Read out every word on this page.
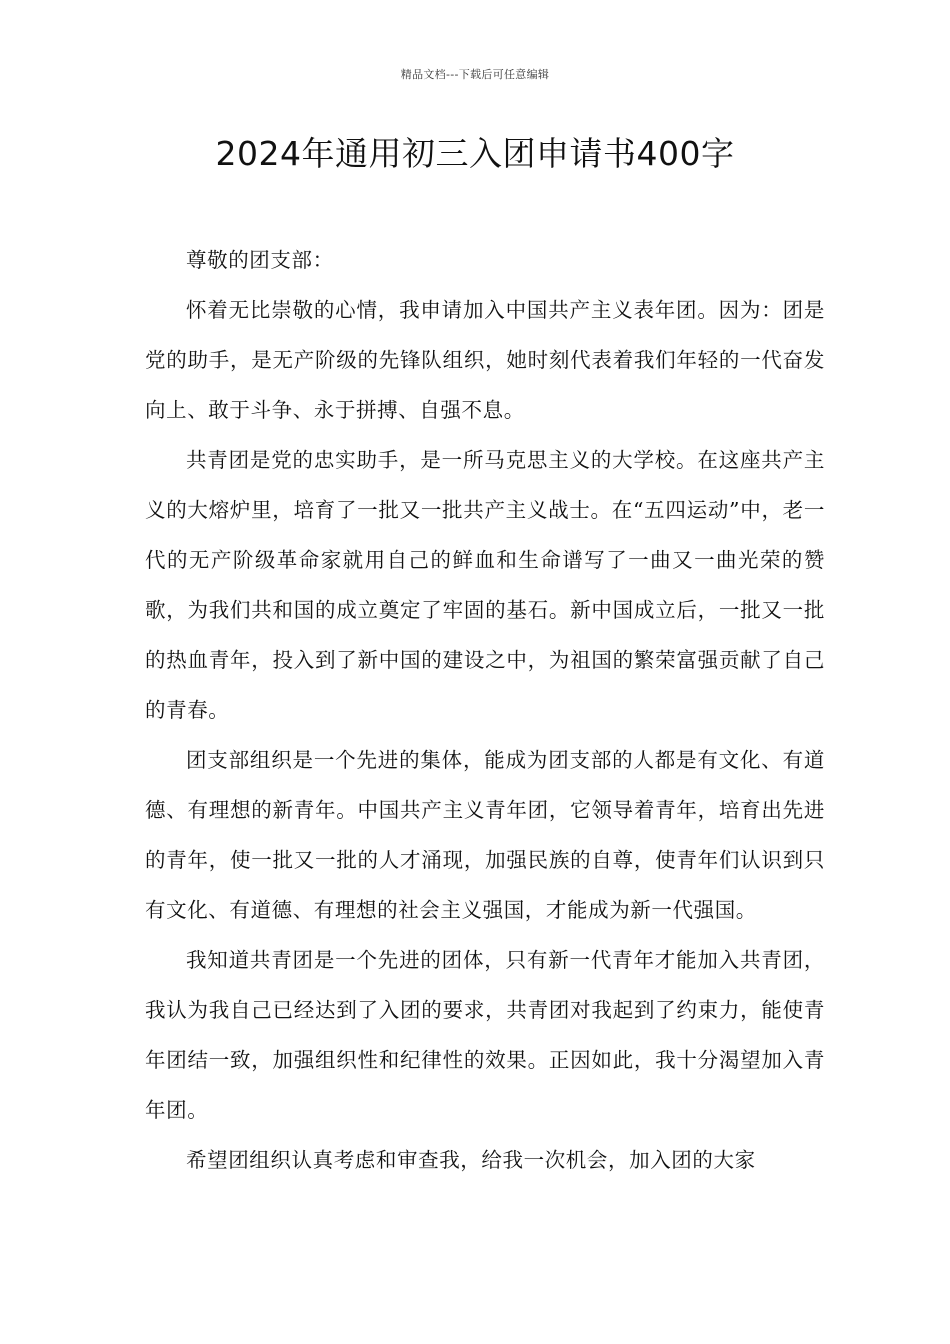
精品文档---下载后可任意编辑
2024年通用初三入团申请书400字

尊敬的团支部：

怀着无比崇敬的心情，我申请加入中国共产主义表年团。因为：团是党的助手，是无产阶级的先锋队组织，她时刻代表着我们年轻的一代奋发向上、敢于斗争、永于拼搏、自强不息。

共青团是党的忠实助手，是一所马克思主义的大学校。在这座共产主义的大熔炉里，培育了一批又一批共产主义战士。在“五四运动”中，老一代的无产阶级革命家就用自己的鲜血和生命谱写了一曲又一曲光荣的赞歌，为我们共和国的成立奠定了牢固的基石。新中国成立后，一批又一批的热血青年，投入到了新中国的建设之中，为祖国的繁荣富强贡献了自己的青春。

团支部组织是一个先进的集体，能成为团支部的人都是有文化、有道德、有理想的新青年。中国共产主义青年团，它领导着青年，培育出先进的青年，使一批又一批的人才涌现，加强民族的自尊，使青年们认识到只有文化、有道德、有理想的社会主义强国，才能成为新一代强国。

我知道共青团是一个先进的团体，只有新一代青年才能加入共青团，我认为我自己已经达到了入团的要求，共青团对我起到了约束力，能使青年团结一致，加强组织性和纪律性的效果。正因如此，我十分渴望加入青年团。

希望团组织认真考虑和审查我，给我一次机会，加入团的大家
